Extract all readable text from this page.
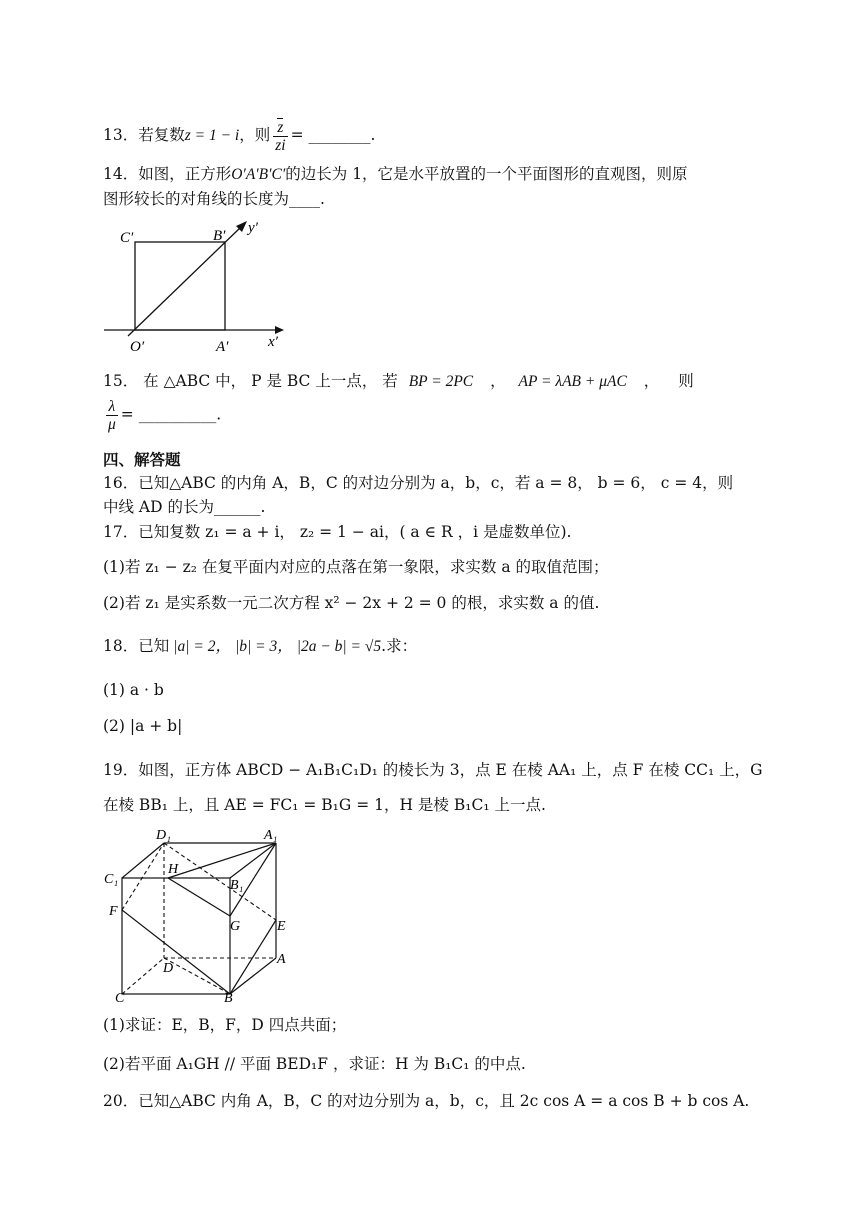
13．若复数z = 1 − i，则 $\frac{z}{zi}$ = ________.
14．如图，正方形O′A′B′C′的边长为 1，它是水平放置的一个平面图形的直观图，则原
图形较长的对角线的长度为____.
C′	B′ y′
O′	A′	x′
15． 在 △ABC 中， P 是 BC 上一点， 若 BP = 2PC ， AP = λAB + μAC ， 则
$\frac{\lambda}{\mu}$ = __________.
四、解答题
16．已知△ABC 的内角 A，B，C 的对边分别为 a，b，c，若 a = 8， b = 6， c = 4，则
中线 AD 的长为______.
17．已知复数 z₁ = a + i， z₂ = 1 − ai，( a ∈ R ，i 是虚数单位).
(1)若 z₁ − z₂ 在复平面内对应的点落在第一象限，求实数 a 的取值范围；
(2)若 z₁ 是实系数一元二次方程 x² − 2x + 2 = 0 的根，求实数 a 的值.
18．已知 |a| = 2， |b| = 3， |2a − b| = √5.求：
(1) a · b
(2) |a + b|
19．如图，正方体 ABCD − A₁B₁C₁D₁ 的棱长为 3，点 E 在棱 AA₁ 上，点 F 在棱 CC₁ 上，G
在棱 BB₁ 上，且 AE = FC₁ = B₁G = 1，H 是棱 B₁C₁ 上一点.
D₁	A₁
C₁
H
B₁
F
G	E
D
A
C	B
(1)求证：E，B，F，D 四点共面；
(2)若平面 A₁GH // 平面 BED₁F ，求证：H 为 B₁C₁ 的中点.
20．已知△ABC 内角 A，B，C 的对边分别为 a，b，c，且 2c cos A = a cos B + b cos A.
